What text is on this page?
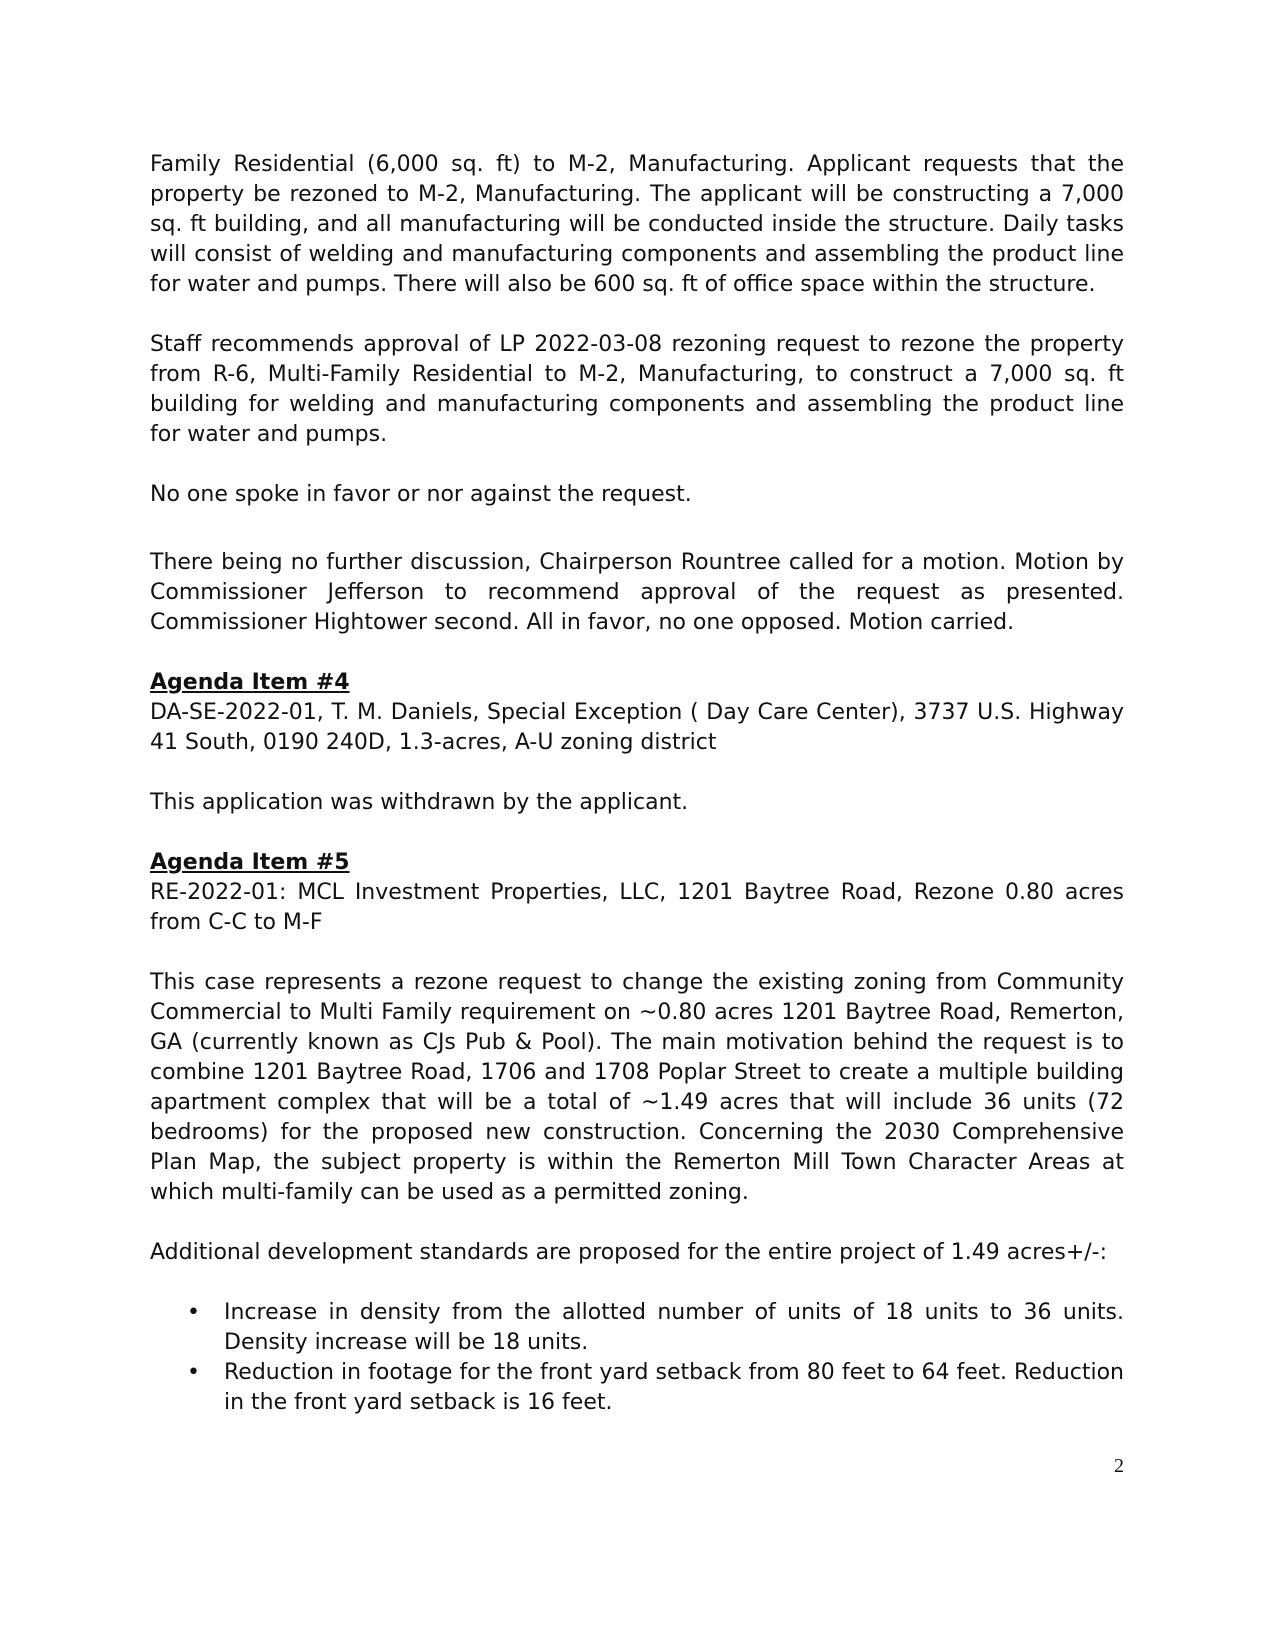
Family Residential (6,000 sq. ft) to M-2, Manufacturing. Applicant requests that the property be rezoned to M-2, Manufacturing. The applicant will be constructing a 7,000 sq. ft building, and all manufacturing will be conducted inside the structure. Daily tasks will consist of welding and manufacturing components and assembling the product line for water and pumps. There will also be 600 sq. ft of office space within the structure.

Staff recommends approval of LP 2022-03-08 rezoning request to rezone the property from R-6, Multi-Family Residential to M-2, Manufacturing, to construct a 7,000 sq. ft building for welding and manufacturing components and assembling the product line for water and pumps.

No one spoke in favor or nor against the request.

There being no further discussion, Chairperson Rountree called for a motion. Motion by Commissioner Jefferson to recommend approval of the request as presented. Commissioner Hightower second. All in favor, no one opposed. Motion carried.

Agenda Item #4

DA-SE-2022-01, T. M. Daniels, Special Exception ( Day Care Center), 3737 U.S. Highway 41 South, 0190 240D, 1.3-acres, A-U zoning district

This application was withdrawn by the applicant.

Agenda Item #5

RE-2022-01: MCL Investment Properties, LLC, 1201 Baytree Road, Rezone 0.80 acres from C-C to M-F

This case represents a rezone request to change the existing zoning from Community Commercial to Multi Family requirement on ~0.80 acres 1201 Baytree Road, Remerton, GA (currently known as CJs Pub & Pool). The main motivation behind the request is to combine 1201 Baytree Road, 1706 and 1708 Poplar Street to create a multiple building apartment complex that will be a total of ~1.49 acres that will include 36 units (72 bedrooms) for the proposed new construction. Concerning the 2030 Comprehensive Plan Map, the subject property is within the Remerton Mill Town Character Areas at which multi-family can be used as a permitted zoning.

Additional development standards are proposed for the entire project of 1.49 acres+/-:

• Increase in density from the allotted number of units of 18 units to 36 units. Density increase will be 18 units.
• Reduction in footage for the front yard setback from 80 feet to 64 feet. Reduction in the front yard setback is 16 feet.
2
